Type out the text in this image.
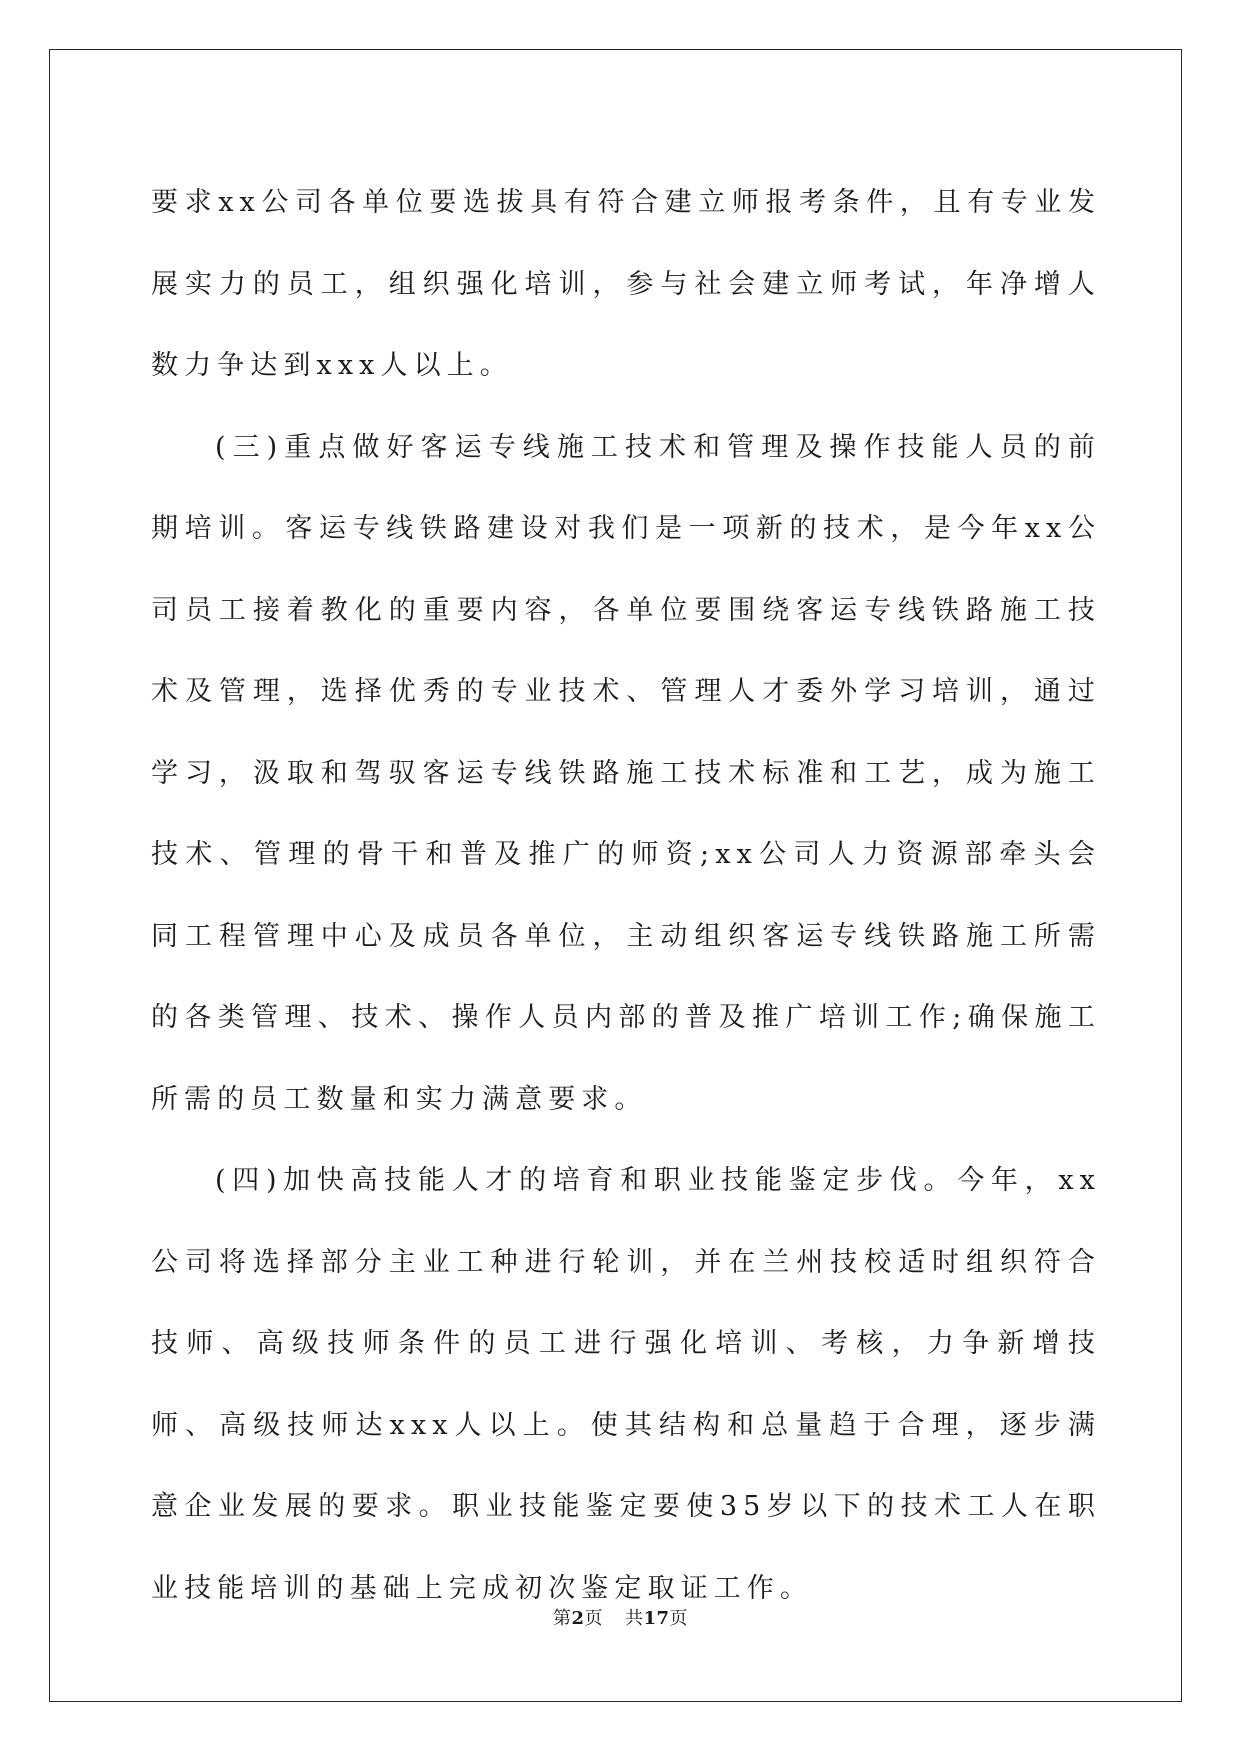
要求xx公司各单位要选拔具有符合建立师报考条件，且有专业发展实力的员工，组织强化培训，参与社会建立师考试，年净增人数力争达到xxx人以上。

(三)重点做好客运专线施工技术和管理及操作技能人员的前期培训。客运专线铁路建设对我们是一项新的技术，是今年xx公司员工接着教化的重要内容，各单位要围绕客运专线铁路施工技术及管理，选择优秀的专业技术、管理人才委外学习培训，通过学习，汲取和驾驭客运专线铁路施工技术标准和工艺，成为施工技术、管理的骨干和普及推广的师资;xx公司人力资源部牵头会同工程管理中心及成员各单位，主动组织客运专线铁路施工所需的各类管理、技术、操作人员内部的普及推广培训工作;确保施工所需的员工数量和实力满意要求。

(四)加快高技能人才的培育和职业技能鉴定步伐。今年，xx公司将选择部分主业工种进行轮训，并在兰州技校适时组织符合技师、高级技师条件的员工进行强化培训、考核，力争新增技师、高级技师达xxx人以上。使其结构和总量趋于合理，逐步满意企业发展的要求。职业技能鉴定要使35岁以下的技术工人在职业技能培训的基础上完成初次鉴定取证工作。

第2页 共17页
